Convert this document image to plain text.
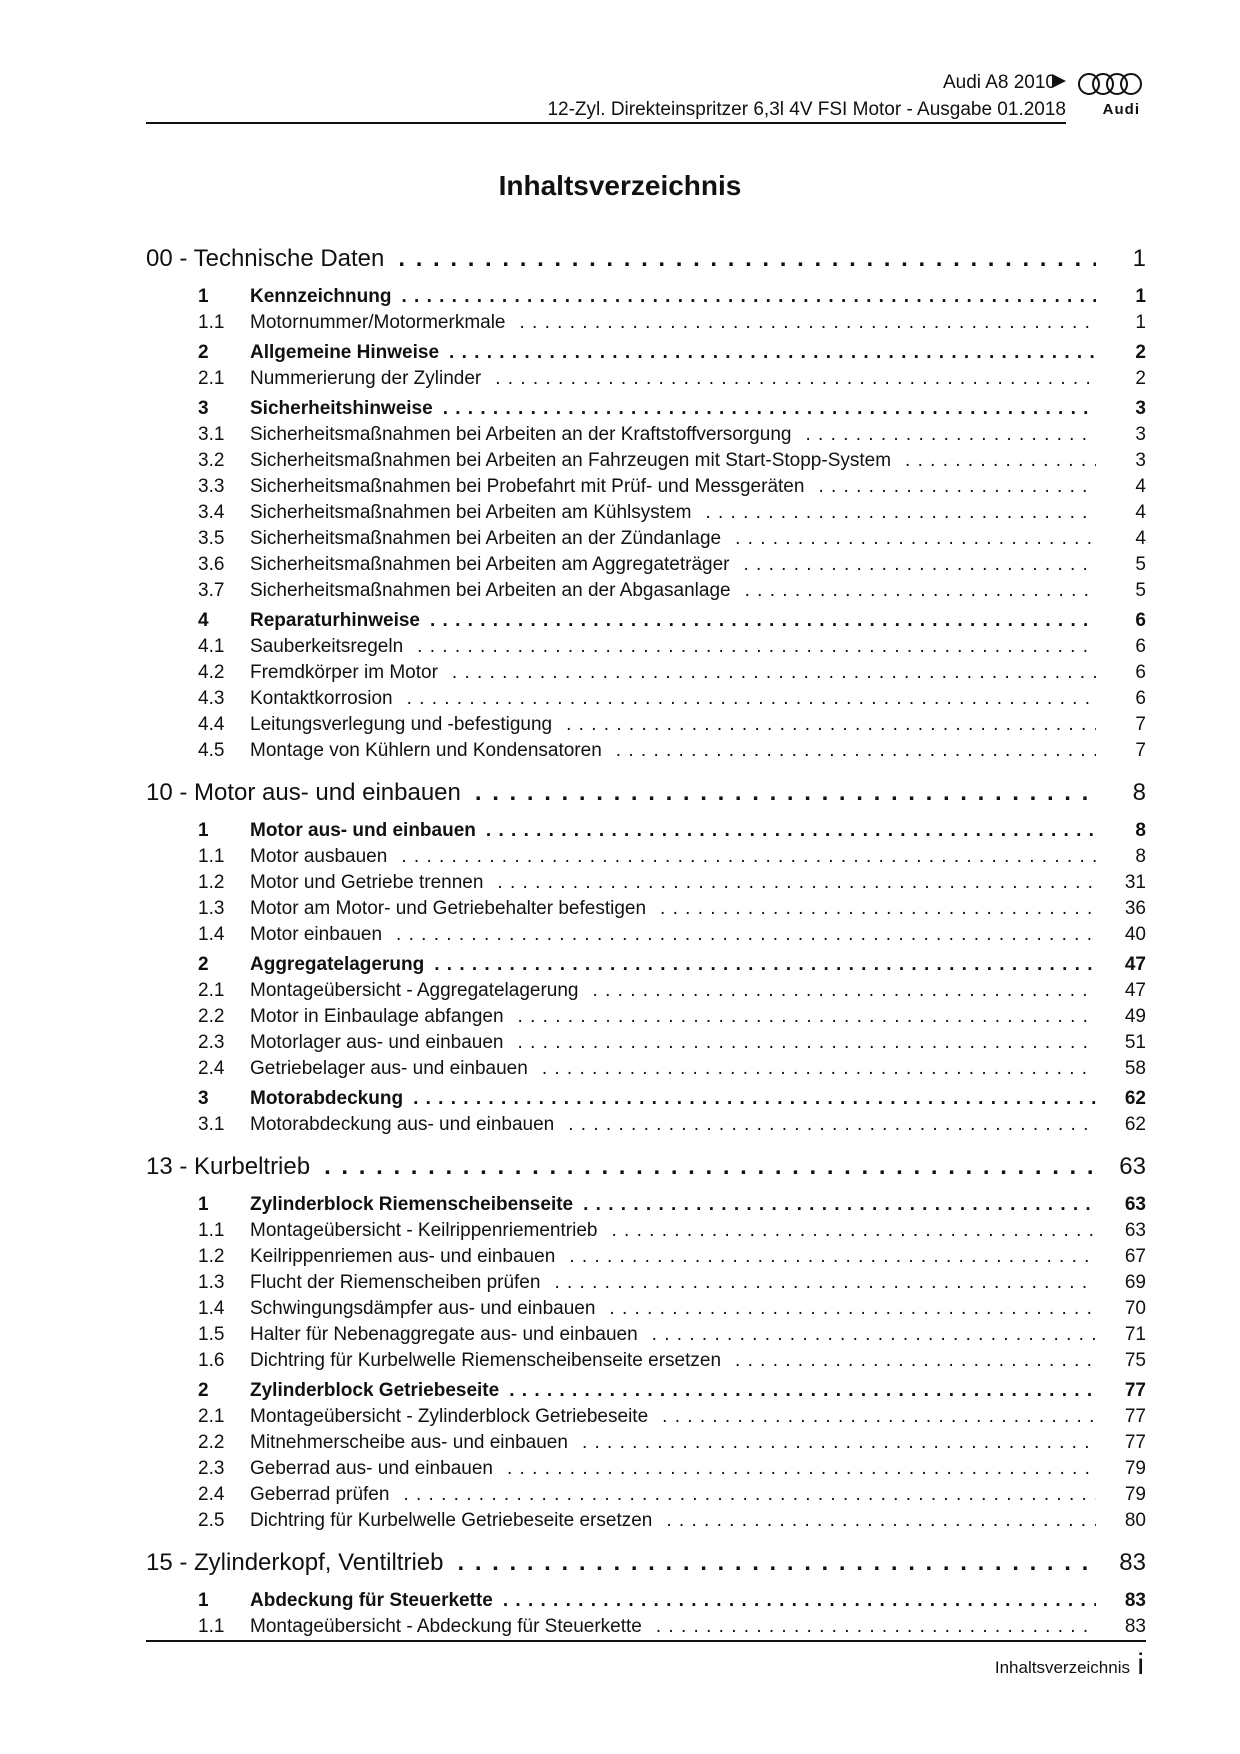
Audi A8 2010
12-Zyl. Direkteinspritzer 6,3l 4V FSI Motor - Ausgabe 01.2018 Audi
Inhaltsverzeichnis
00 - Technische Daten . . .	1
1	Kennzeichnung . . .	1
1.1	Motornummer/Motormerkmale . . .	1
2	Allgemeine Hinweise . . .	2
2.1	Nummerierung der Zylinder . . .	2
3	Sicherheitshinweise . . .	3
3.1	Sicherheitsmaßnahmen bei Arbeiten an der Kraftstoffversorgung . . .	3
3.2	Sicherheitsmaßnahmen bei Arbeiten an Fahrzeugen mit Start-Stopp-System . . .	3
3.3	Sicherheitsmaßnahmen bei Probefahrt mit Prüf- und Messgeräten . . .	4
3.4	Sicherheitsmaßnahmen bei Arbeiten am Kühlsystem . . .	4
3.5	Sicherheitsmaßnahmen bei Arbeiten an der Zündanlage . . .	4
3.6	Sicherheitsmaßnahmen bei Arbeiten am Aggregateträger . . .	5
3.7	Sicherheitsmaßnahmen bei Arbeiten an der Abgasanlage . . .	5
4	Reparaturhinweise . . .	6
4.1	Sauberkeitsregeln . . .	6
4.2	Fremdkörper im Motor . . .	6
4.3	Kontaktkorrosion . . .	6
4.4	Leitungsverlegung und -befestigung . . .	7
4.5	Montage von Kühlern und Kondensatoren . . .	7
10 - Motor aus- und einbauen . . .	8
1	Motor aus- und einbauen . . .	8
1.1	Motor ausbauen . . .	8
1.2	Motor und Getriebe trennen . . .	31
1.3	Motor am Motor- und Getriebehalter befestigen . . .	36
1.4	Motor einbauen . . .	40
2	Aggregatelagerung . . .	47
2.1	Montageübersicht - Aggregatelagerung . . .	47
2.2	Motor in Einbaulage abfangen . . .	49
2.3	Motorlager aus- und einbauen . . .	51
2.4	Getriebelager aus- und einbauen . . .	58
3	Motorabdeckung . . .	62
3.1	Motorabdeckung aus- und einbauen . . .	62
13 - Kurbeltrieb . . .	63
1	Zylinderblock Riemenscheibenseite . . .	63
1.1	Montageübersicht - Keilrippenriementrieb . . .	63
1.2	Keilrippenriemen aus- und einbauen . . .	67
1.3	Flucht der Riemenscheiben prüfen . . .	69
1.4	Schwingungsdämpfer aus- und einbauen . . .	70
1.5	Halter für Nebenaggregate aus- und einbauen . . .	71
1.6	Dichtring für Kurbelwelle Riemenscheibenseite ersetzen . . .	75
2	Zylinderblock Getriebeseite . . .	77
2.1	Montageübersicht - Zylinderblock Getriebeseite . . .	77
2.2	Mitnehmerscheibe aus- und einbauen . . .	77
2.3	Geberrad aus- und einbauen . . .	79
2.4	Geberrad prüfen . . .	79
2.5	Dichtring für Kurbelwelle Getriebeseite ersetzen . . .	80
15 - Zylinderkopf, Ventiltrieb . . .	83
1	Abdeckung für Steuerkette . . .	83
1.1	Montageübersicht - Abdeckung für Steuerkette . . .	83
Inhaltsverzeichnis i
